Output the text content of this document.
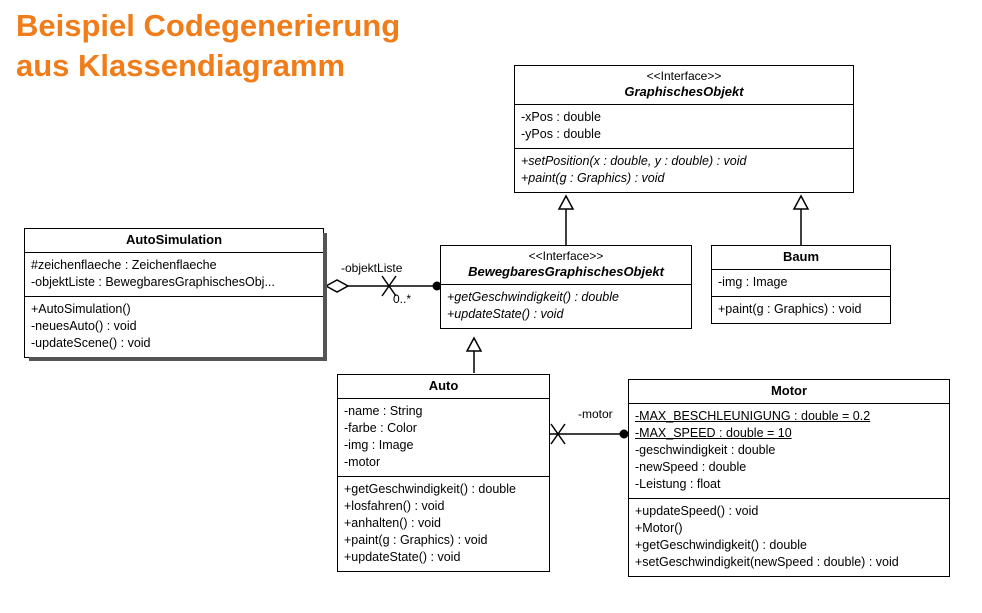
Beispiel Codegenerierung
aus Klassendiagramm	<<Interface>>
GraphischesObjekt
-xPos : double
-yPos : double
+setPosition(x : double, y : double) : void
+paint(g : Graphics) : void
AutoSimulation
#zeichenflaeche : Zeichenflaeche
-objektListe : BewegbaresGraphischesObj...
+AutoSimulation()
-neuesAuto() : void
-updateScene() : void
<<Interface>>
BewegbaresGraphischesObjekt
+getGeschwindigkeit() : double
+updateState() : void
Baum
-img : Image
+paint(g : Graphics) : void
Auto
-name : String
-farbe : Color
-img : Image
-motor
+getGeschwindigkeit() : double
+losfahren() : void
+anhalten() : void
+paint(g : Graphics) : void
+updateState() : void
Motor
-MAX_BESCHLEUNIGUNG : double = 0.2
-MAX_SPEED : double = 10
-geschwindigkeit : double
-newSpeed : double
-Leistung : float
+updateSpeed() : void
+Motor()
+getGeschwindigkeit() : double
+setGeschwindigkeit(newSpeed : double) : void
-objektListe
0..*
-motor
